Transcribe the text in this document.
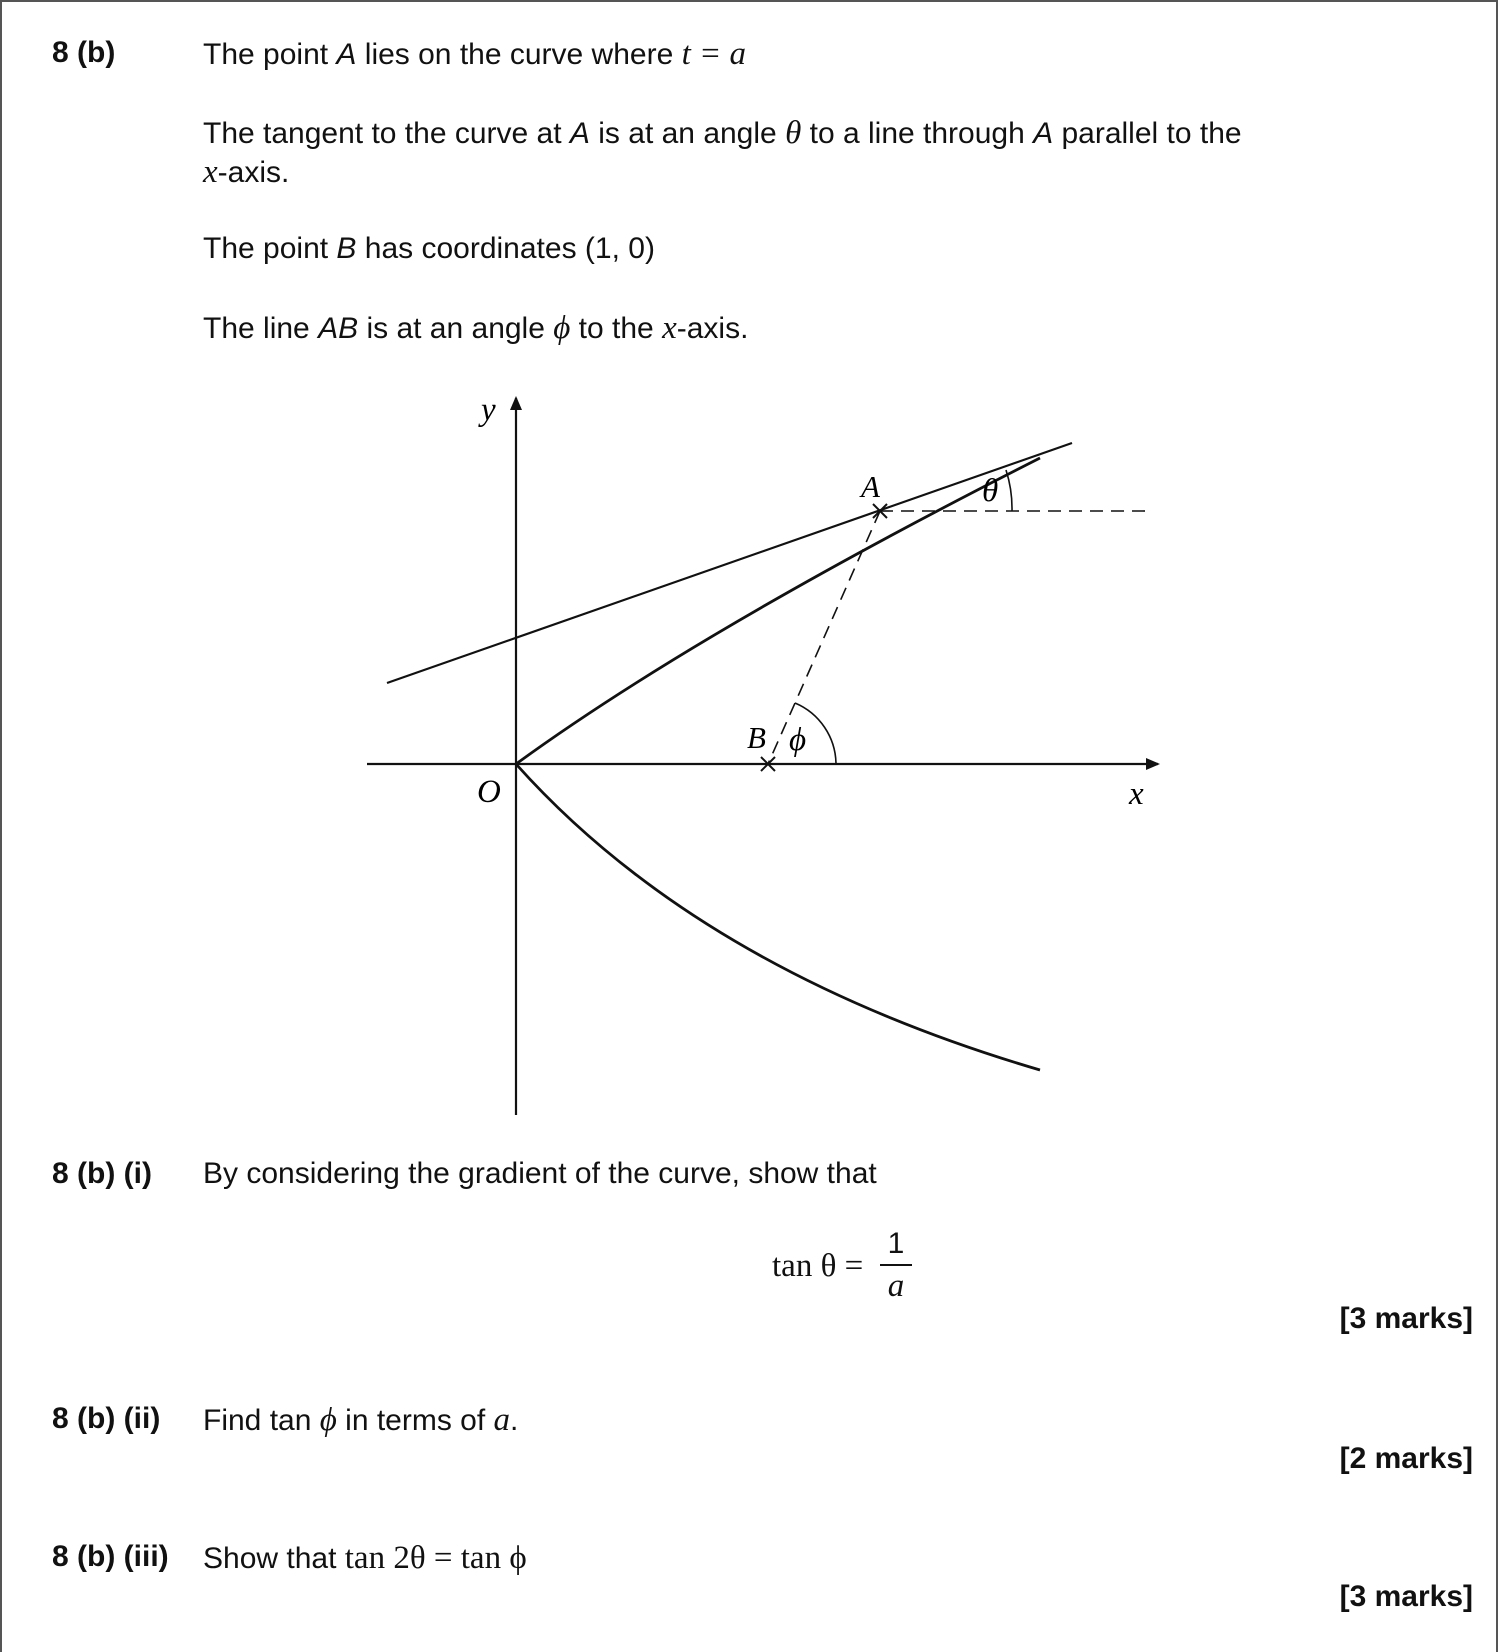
8 (b)	The point A lies on the curve where t = a
The tangent to the curve at A is at an angle θ to a line through A parallel to the
x-axis.
The point B has coordinates (1, 0)
The line AB is at an angle ϕ to the x-axis.
y
x
O
A
B
θ
ϕ
8 (b) (i) By considering the gradient of the curve, show that
tan θ =
1
a
[3 marks]
8 (b) (ii) Find tan ϕ in terms of a.
[2 marks]
8 (b) (iii) Show that tan 2θ = tan ϕ
[3 marks]
